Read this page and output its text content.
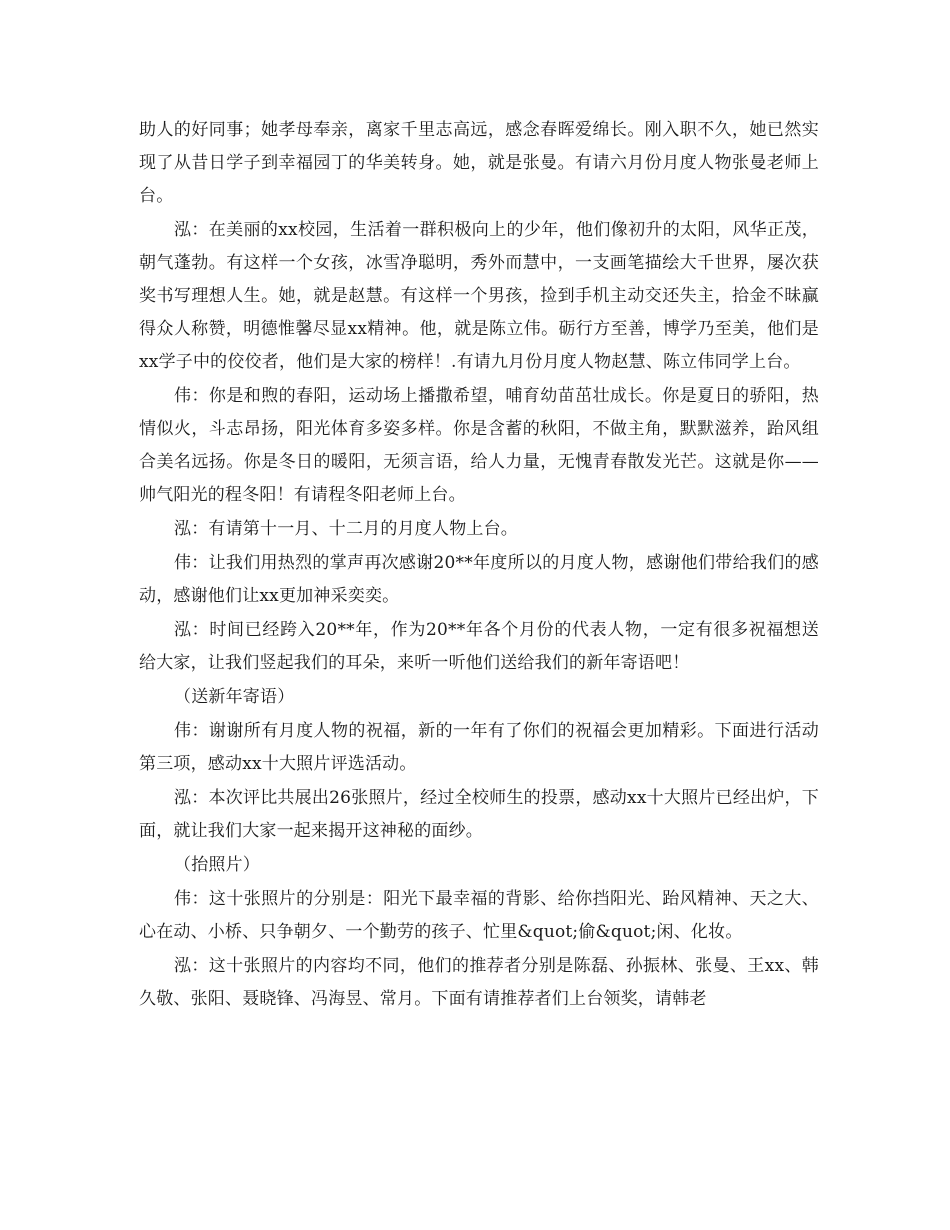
助人的好同事；她孝母奉亲，离家千里志高远，感念春晖爱绵长。刚入职不久，她已然实现了从昔日学子到幸福园丁的华美转身。她，就是张曼。有请六月份月度人物张曼老师上台。

泓：在美丽的xx校园，生活着一群积极向上的少年，他们像初升的太阳，风华正茂，朝气蓬勃。有这样一个女孩，冰雪净聪明，秀外而慧中，一支画笔描绘大千世界，屡次获奖书写理想人生。她，就是赵慧。有这样一个男孩，捡到手机主动交还失主，拾金不昧赢得众人称赞，明德惟馨尽显xx精神。他，就是陈立伟。砺行方至善，博学乃至美，他们是xx学子中的佼佼者，他们是大家的榜样！.有请九月份月度人物赵慧、陈立伟同学上台。

伟：你是和煦的春阳，运动场上播撒希望，哺育幼苗茁壮成长。你是夏日的骄阳，热情似火，斗志昂扬，阳光体育多姿多样。你是含蓄的秋阳，不做主角，默默滋养，跆风组合美名远扬。你是冬日的暖阳，无须言语，给人力量，无愧青春散发光芒。这就是你——帅气阳光的程冬阳！有请程冬阳老师上台。

泓：有请第十一月、十二月的月度人物上台。

伟：让我们用热烈的掌声再次感谢20**年度所以的月度人物，感谢他们带给我们的感动，感谢他们让xx更加神采奕奕。

泓：时间已经跨入20**年，作为20**年各个月份的代表人物，一定有很多祝福想送给大家，让我们竖起我们的耳朵，来听一听他们送给我们的新年寄语吧！

（送新年寄语）

伟：谢谢所有月度人物的祝福，新的一年有了你们的祝福会更加精彩。下面进行活动第三项，感动xx十大照片评选活动。

泓：本次评比共展出26张照片，经过全校师生的投票，感动xx十大照片已经出炉，下面，就让我们大家一起来揭开这神秘的面纱。

（抬照片）

伟：这十张照片的分别是：阳光下最幸福的背影、给你挡阳光、跆风精神、天之大、心在动、小桥、只争朝夕、一个勤劳的孩子、忙里&quot;偷&quot;闲、化妆。

泓：这十张照片的内容均不同，他们的推荐者分别是陈磊、孙振林、张曼、王xx、韩久敬、张阳、聂晓锋、冯海昱、常月。下面有请推荐者们上台领奖，请韩老
